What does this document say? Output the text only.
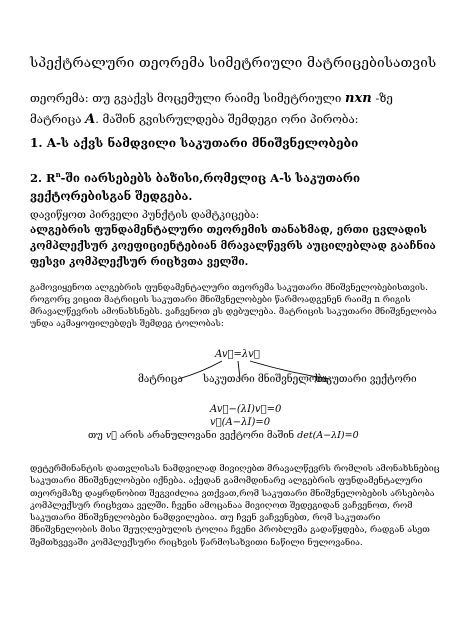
სპექტრალური თეორემა სიმეტრიული მატრიცებისათვის
თეორემა: თუ გვაქვს მოცემული რაიმე სიმეტრიული nxn -ზე
მატრიცა A. მაშინ გვისრულდება შემდეგი ორი პირობა:
1. A-ს აქვს ნამდვილი საკუთარი მნიშვნელობები
2. $R^n-ში$ იარსებებს ბაზისი,რომელიც A-ს საკუთარი ვექტორებისგან შედგება.
დავიწყოთ პირველი პუნქტის დამტკიცება:
ალგებრის ფუნდამენტალური თეორემის თანახმად, ერთი ცვლადის კომპლექსურ კოეფიციენტებიან მრავალწევრს აუცილებლად გააჩნია ფესვი კომპლექსურ რიცხვთა ველში.
გამოვიყენოთ ალგებრის ფუნდამენტალური თეორემა საკუთარი მნიშვნელობებისთვის. როგორც ვიცით მატრიცის საკუთარი მნიშვნელობები წარმოადგენენ რაიმე n რიგის მრავალწევრის ამონახსნებს. ვაჩვენოთ ეს დებულება. მატრიცის საკუთარი მნიშვნელობა უნდა აკმაყოფილებდეს შემდეგ ტოლობას:
Av⃗=λv⃗
მატრიცა საკუთარი მნიშვნელობა
საკუთარი ვექტორი
Av⃗−(λI)v⃗=0
v⃗(A−λI)=0
თუ v⃗ არის არანულოვანი ვექტორი მაშინ det(A−λI)=0
დეტერმინანტის დათვლისას ნამდვილად მივიღებთ მრავალწევრს რომლის ამონახსნებიც საკუთარი მნიშვნელობები იქნება. აქედან გამომდინარე ალგებრის ფუნდამენტალური თეორემაზე დაყრდნობით შეგვიძლია ვთქვათ,რომ საკუთარი მნიშვნელობების არსებობა კომპლექსურ რიცხვთა ველში. ჩვენი ამოცანაა მივიღოთ შედეგიდან ვაჩვენოთ, რომ საკუთარი მნიშვნელობები ნამდვილებია. თუ ჩვენ ვაჩვენებთ, რომ საკუთარი მნიშვნელობის მისი შეუღლებულის ტოლია ჩვენი პრობლემა გადაწყდება, რადგან ასეთ შემთხვევაში კომპლექსური რიცხვის წარმოსახვითი ნაწილი ნულოვანია.
